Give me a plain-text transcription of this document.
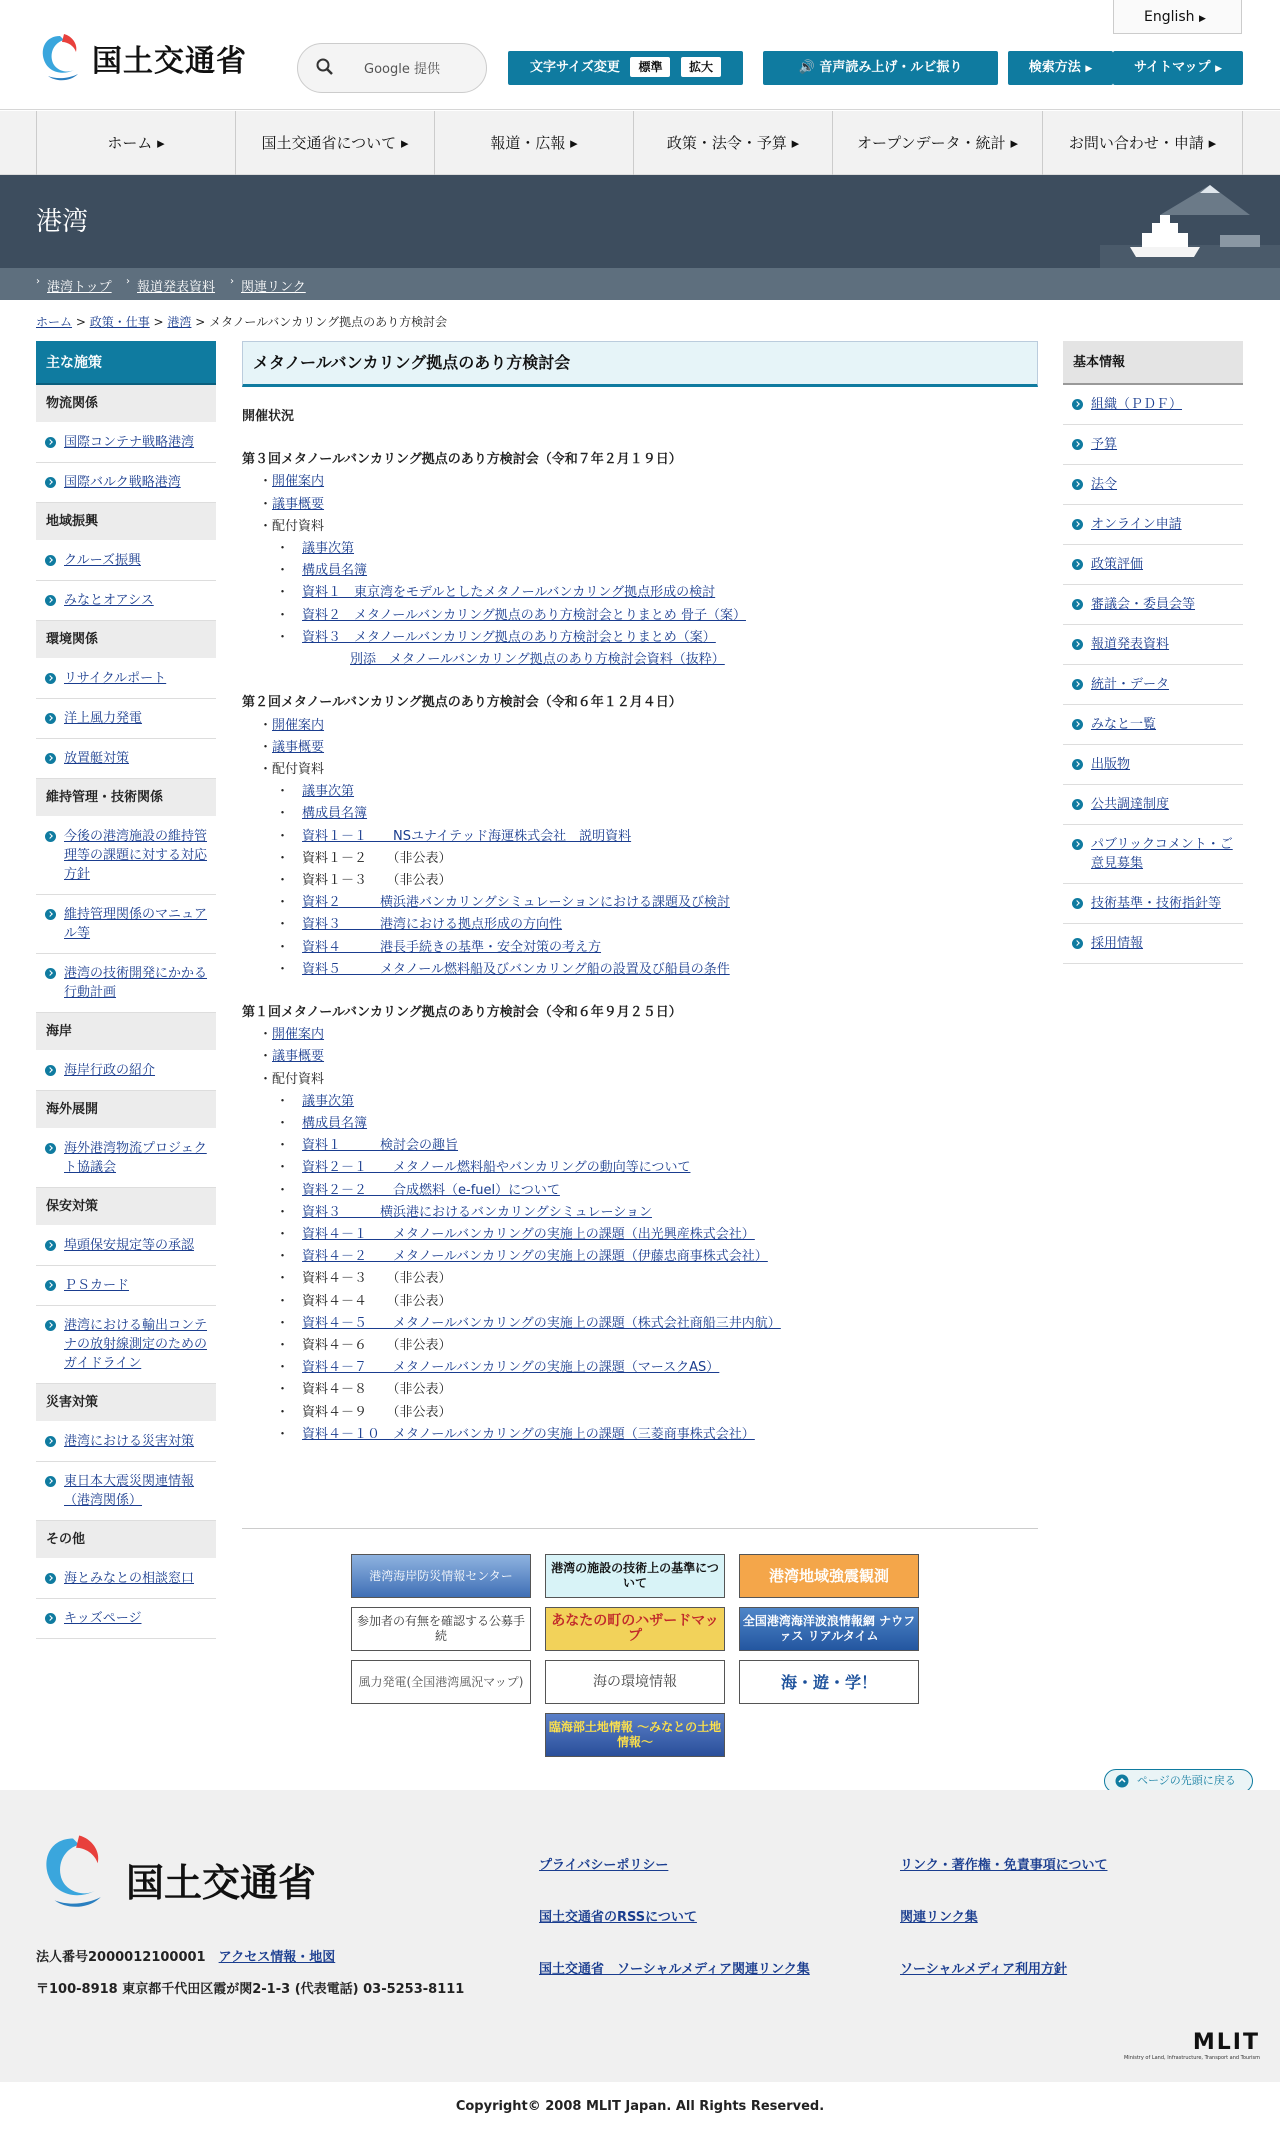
国土交通省
English ▶
Google 提供	文字サイズ変更 標準 拡大	🔊 音声読み上げ・ルビ振り	検索方法 ▶	サイトマップ ▶
ホーム ▸	国土交通省について ▸	報道・広報 ▸	政策・法令・予算 ▸	オープンデータ・統計 ▸	お問い合わせ・申請 ▸
港湾
› 港湾トップ › 報道発表資料 › 関連リンク
ホーム > 政策・仕事 > 港湾 > メタノールバンカリング拠点のあり方検討会
主な施策
物流関係
国際コンテナ戦略港湾
国際バルク戦略港湾
地域振興
クルーズ振興
みなとオアシス
環境関係
リサイクルポート
洋上風力発電
放置艇対策
維持管理・技術関係
今後の港湾施設の維持管理等の課題に対する対応方針
維持管理関係のマニュアル等
港湾の技術開発にかかる行動計画
海岸
海岸行政の紹介
海外展開
海外港湾物流プロジェクト協議会
保安対策
埠頭保安規定等の承認
ＰＳカード
港湾における輸出コンテナの放射線測定のためのガイドライン
災害対策
港湾における災害対策
東日本大震災関連情報（港湾関係）
その他
海とみなとの相談窓口
キッズページ
基本情報
組織（ＰＤＦ）
予算
法令
オンライン申請
政策評価
審議会・委員会等
報道発表資料
統計・データ
みなと一覧
出版物
公共調達制度
パブリックコメント・ご意見募集
技術基準・技術指針等
採用情報
メタノールバンカリング拠点のあり方検討会
開催状況
第３回メタノールバンカリング拠点のあり方検討会（令和７年２月１９日）
・開催案内
・議事概要
・配付資料
・　議事次第
・　構成員名簿
・　資料１　東京湾をモデルとしたメタノールバンカリング拠点形成の検討
・　資料２　メタノールバンカリング拠点のあり方検討会とりまとめ 骨子（案）
・　資料３　メタノールバンカリング拠点のあり方検討会とりまとめ（案）
別添　メタノールバンカリング拠点のあり方検討会資料（抜粋）
第２回メタノールバンカリング拠点のあり方検討会（令和６年１２月４日）
・開催案内
・議事概要
・配付資料
・　議事次第
・　構成員名簿
・　資料１－１　　NSユナイテッド海運株式会社　説明資料
・　資料１－２　　（非公表）
・　資料１－３　　（非公表）
・　資料２　　　横浜港バンカリングシミュレーションにおける課題及び検討
・　資料３　　　港湾における拠点形成の方向性
・　資料４　　　港長手続きの基準・安全対策の考え方
・　資料５　　　メタノール燃料船及びバンカリング船の設置及び船員の条件
第１回メタノールバンカリング拠点のあり方検討会（令和６年９月２５日）
・開催案内
・議事概要
・配付資料
・　議事次第
・　構成員名簿
・　資料１　　　検討会の趣旨
・　資料２－１　　メタノール燃料船やバンカリングの動向等について
・　資料２－２　　合成燃料（e-fuel）について
・　資料３　　　横浜港におけるバンカリングシミュレーション
・　資料４－１　　メタノールバンカリングの実施上の課題（出光興産株式会社）
・　資料４－２　　メタノールバンカリングの実施上の課題（伊藤忠商事株式会社）
・　資料４－３　　（非公表）
・　資料４－４　　（非公表）
・　資料４－５　　メタノールバンカリングの実施上の課題（株式会社商船三井内航）
・　資料４－６　　（非公表）
・　資料４－７　　メタノールバンカリングの実施上の課題（マースクAS）
・　資料４－８　　（非公表）
・　資料４－９　　（非公表）
・　資料４－１０　メタノールバンカリングの実施上の課題（三菱商事株式会社）
港湾海岸防災情報センター
港湾の施設の技術上の基準について	港湾地域強震観測
参加者の有無を確認する公募手続
あなたの町のハザードマップ
全国港湾海洋波浪情報網 ナウファス リアルタイム
風力発電(全国港湾風況マップ)	海の環境情報	海・遊・学！
臨海部土地情報 ～みなとの土地情報～
ページの先頭に戻る
国土交通省
法人番号2000012100001　 アクセス情報・地図
〒100-8918 東京都千代田区霞が関2-1-3 (代表電話) 03-5253-8111
プライバシーポリシー	リンク・著作権・免責事項について
国土交通省のRSSについて	関連リンク集
国土交通省　ソーシャルメディア関連リンク集	ソーシャルメディア利用方針
MLIT
Ministry of Land, Infrastructure, Transport and Tourism
Copyright© 2008 MLIT Japan. All Rights Reserved.
